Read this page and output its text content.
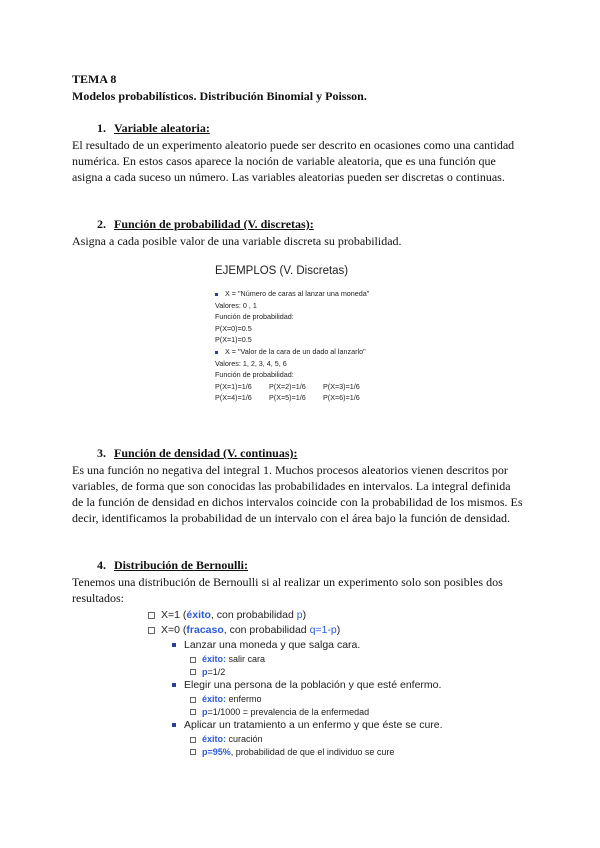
TEMA 8
Modelos probabilísticos. Distribución Binomial y Poisson.
1. Variable aleatoria:
El resultado de un experimento aleatorio puede ser descrito en ocasiones como una cantidad
numérica. En estos casos aparece la noción de variable aleatoria, que es una función que
asigna a cada suceso un número. Las variables aleatorias pueden ser discretas o continuas.
2. Función de probabilidad (V. discretas):
Asigna a cada posible valor de una variable discreta su probabilidad.
EJEMPLOS (V. Discretas)
X = "Número de caras al lanzar una moneda"
Valores: 0 , 1
Función de probabilidad:
P(X=0)=0.5
P(X=1)=0.5
X = "Valor de la cara de un dado al lanzarlo"
Valores: 1, 2, 3, 4, 5, 6
Función de probabilidad:
P(X=1)=1/6 P(X=2)=1/6 P(X=3)=1/6
P(X=4)=1/6 P(X=5)=1/6 P(X=6)=1/6
3. Función de densidad (V. continuas):
Es una función no negativa del integral 1. Muchos procesos aleatorios vienen descritos por
variables, de forma que son conocidas las probabilidades en intervalos. La integral definida
de la función de densidad en dichos intervalos coincide con la probabilidad de los mismos. Es
decir, identificamos la probabilidad de un intervalo con el área bajo la función de densidad.
4. Distribución de Bernoulli:
Tenemos una distribución de Bernoulli si al realizar un experimento solo son posibles dos
resultados:
X=1 (éxito, con probabilidad p)
X=0 (fracaso, con probabilidad q=1-p)
Lanzar una moneda y que salga cara.
éxito: salir cara
p=1/2
Elegir una persona de la población y que esté enfermo.
éxito: enfermo
p=1/1000 = prevalencia de la enfermedad
Aplicar un tratamiento a un enfermo y que éste se cure.
éxito: curación
p=95%, probabilidad de que el individuo se cure
